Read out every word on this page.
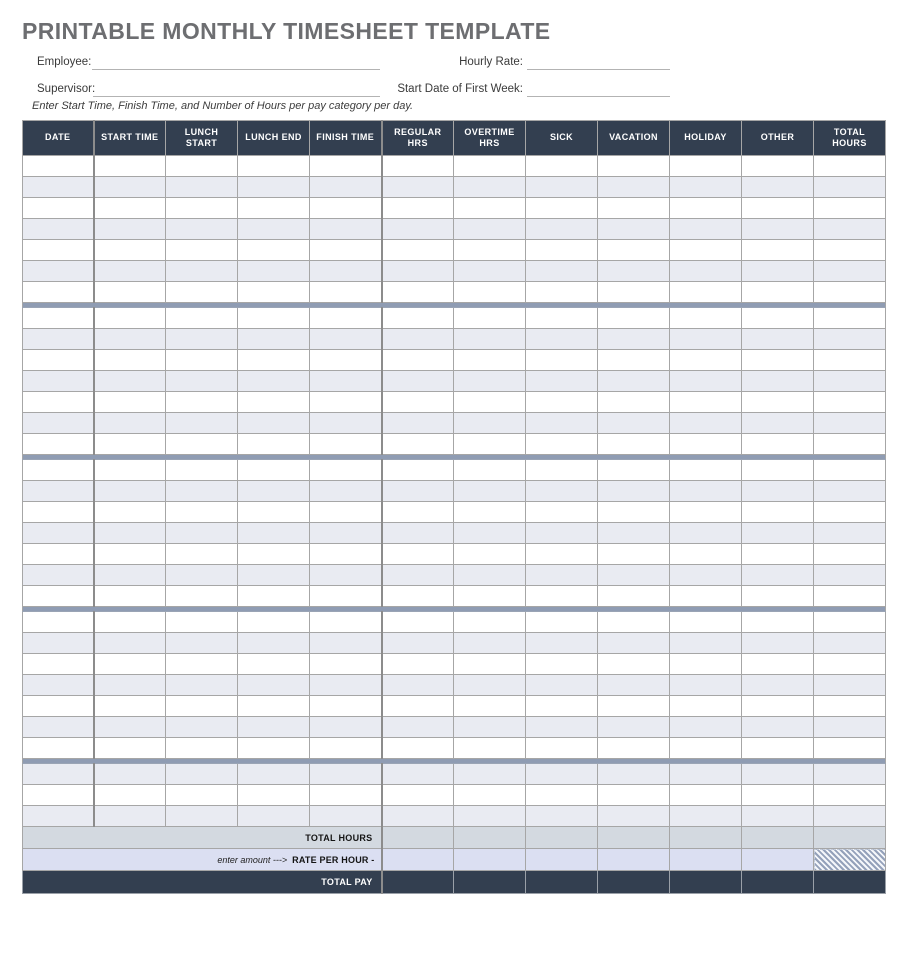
PRINTABLE MONTHLY TIMESHEET TEMPLATE
Employee:	Hourly Rate:
Supervisor:	Start Date of First Week:
Enter Start Time, Finish Time, and Number of Hours per pay category per day.
TOTAL HOURS											
enter amount ---> RATE PER HOUR -											
TOTAL PAY											
DATE	START TIME	LUNCH START	LUNCH END	FINISH TIME	REGULAR HRS	OVERTIME HRS	SICK	VACATION	HOLIDAY	OTHER	TOTAL HOURS
